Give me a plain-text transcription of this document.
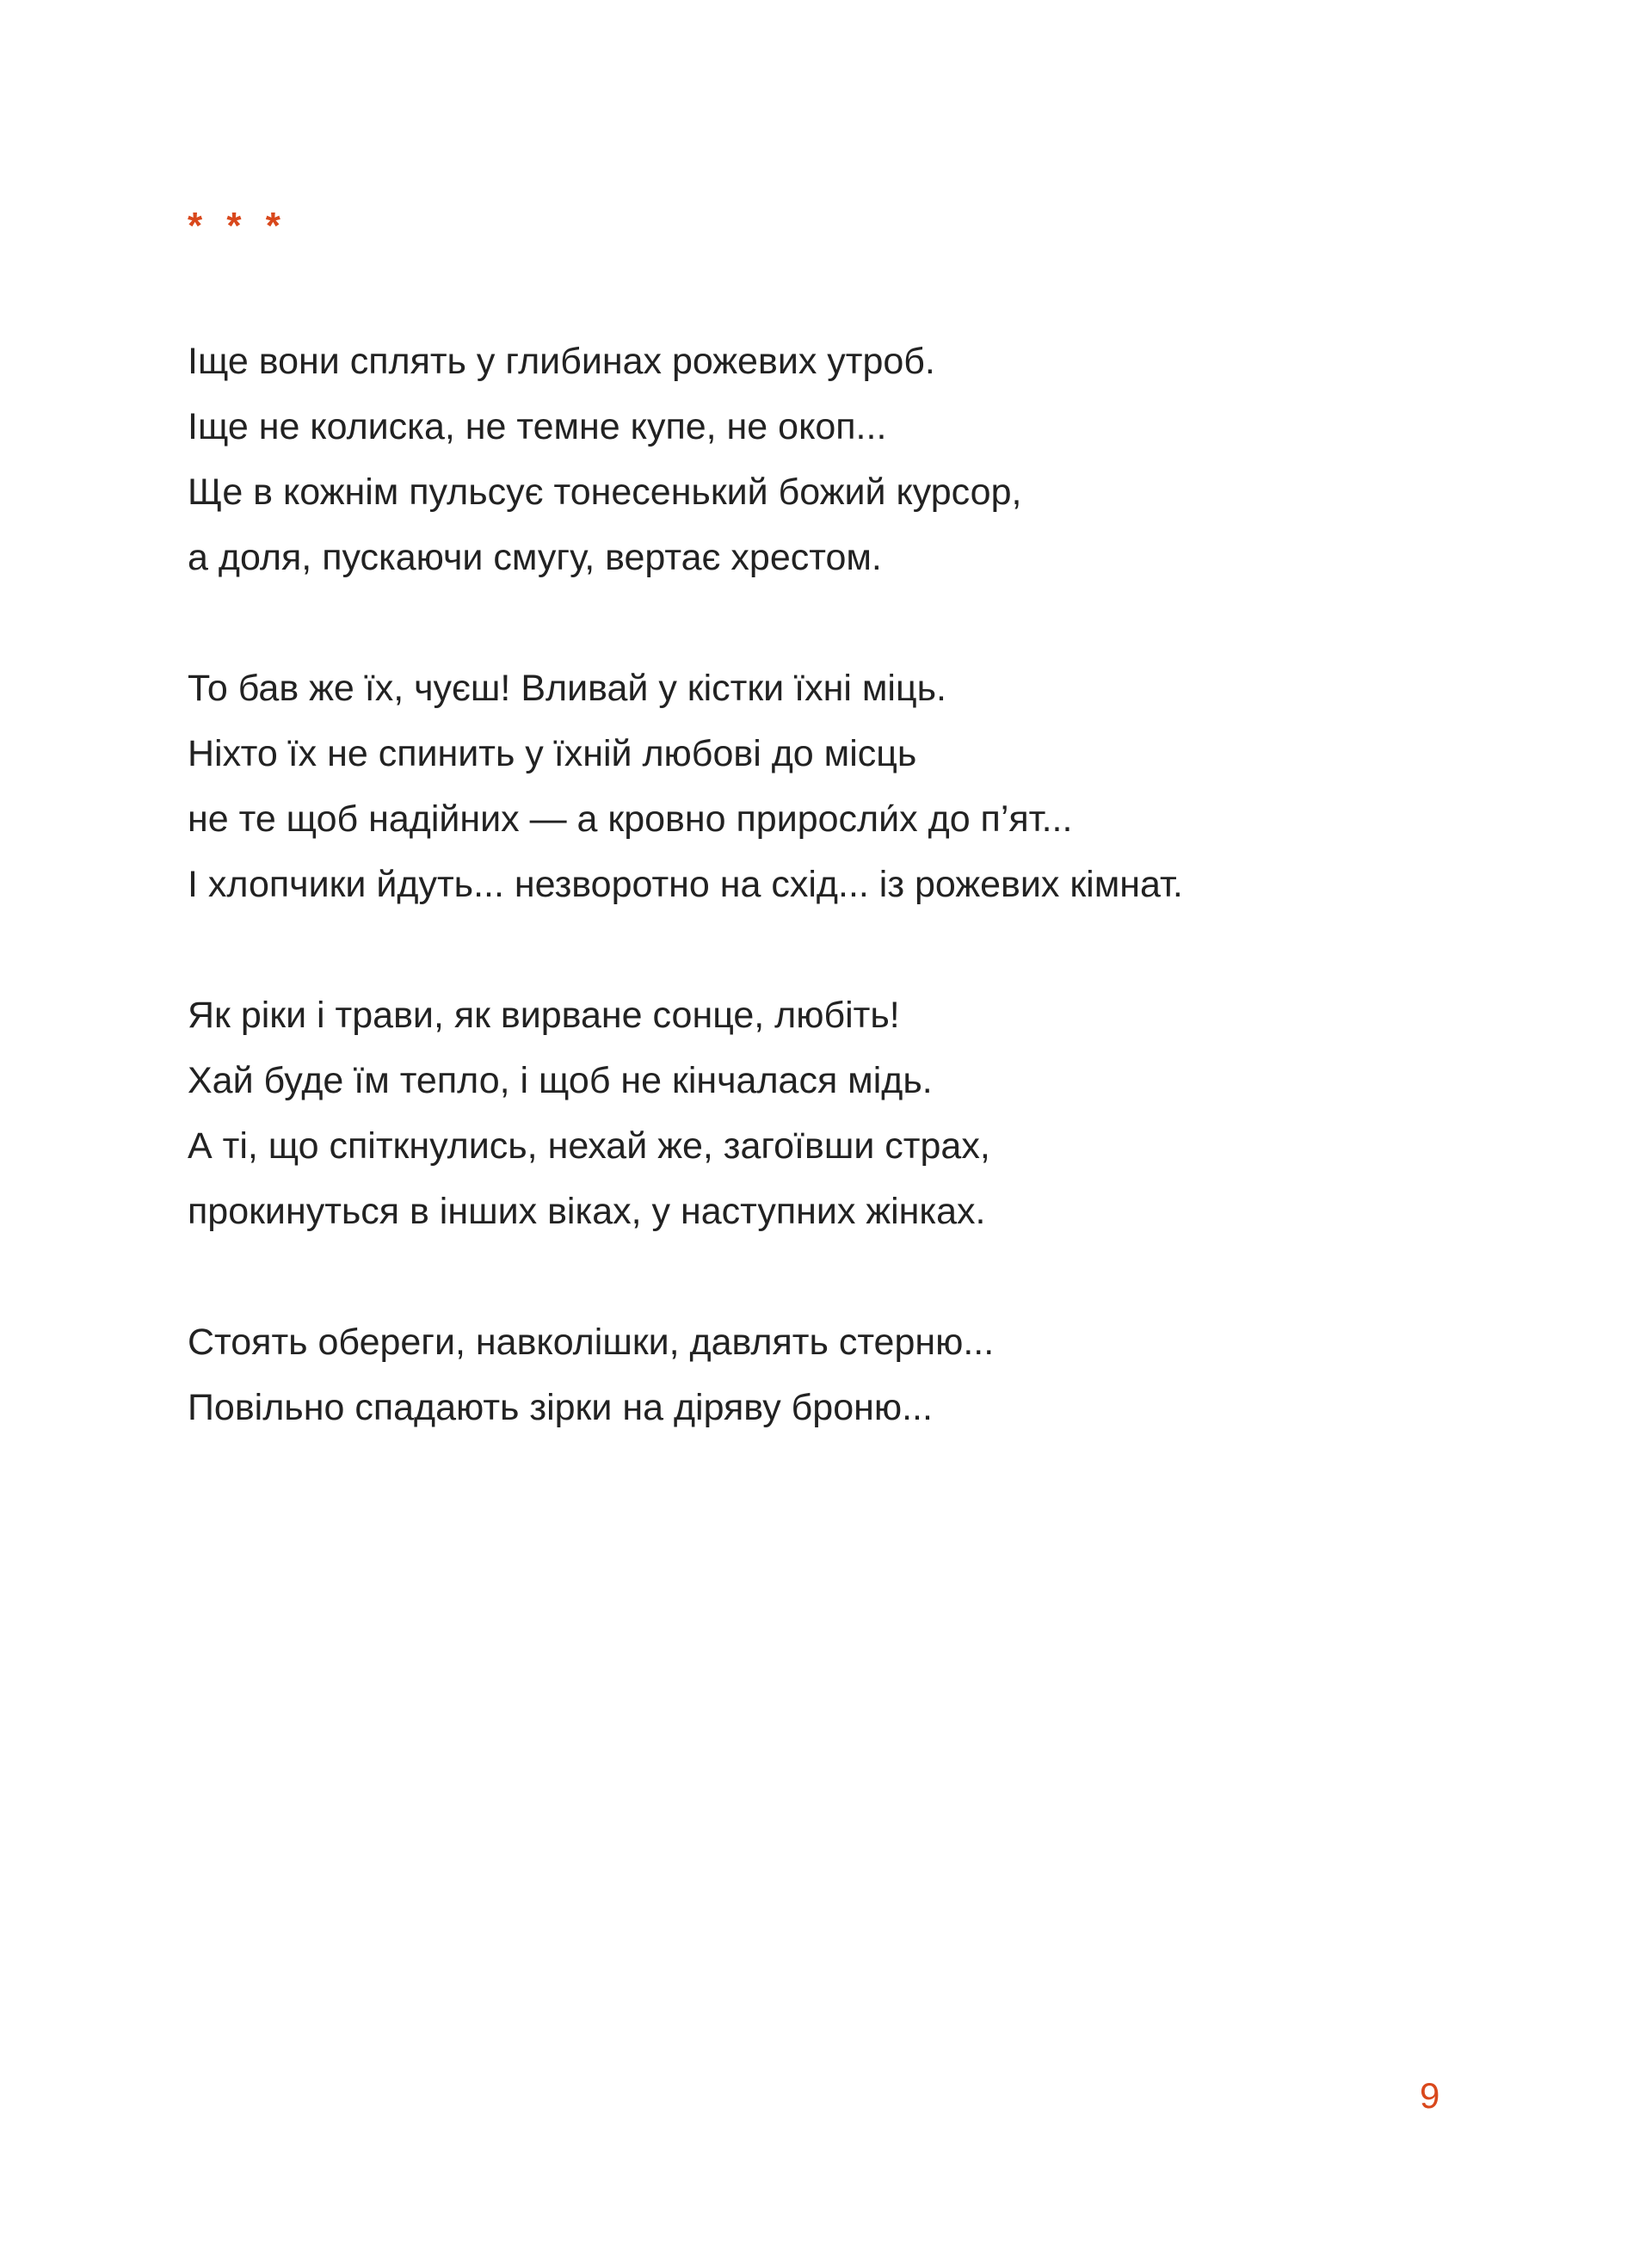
* * *
Іще вони сплять у глибинах рожевих утроб.
Іще не колиска, не темне купе, не окоп...
Ще в кожнім пульсує тонесенький божий курсор,
а доля, пускаючи смугу, вертає хрестом.
То бав же їх, чуєш! Вливай у кістки їхні міць.
Ніхто їх не спинить у їхній любові до місць
не те щоб надійних — а кровно приросли́х до п’ят...
І хлопчики йдуть... незворотно на схід... із рожевих кімнат.
Як ріки і трави, як вирване сонце, любіть!
Хай буде їм тепло, і щоб не кінчалася мідь.
А ті, що спіткнулись, нехай же, загоївши страх,
прокинуться в інших віках, у наступних жінках.
Стоять обереги, навколішки, давлять стерню...
Повільно спадають зірки на діряву броню...
9
